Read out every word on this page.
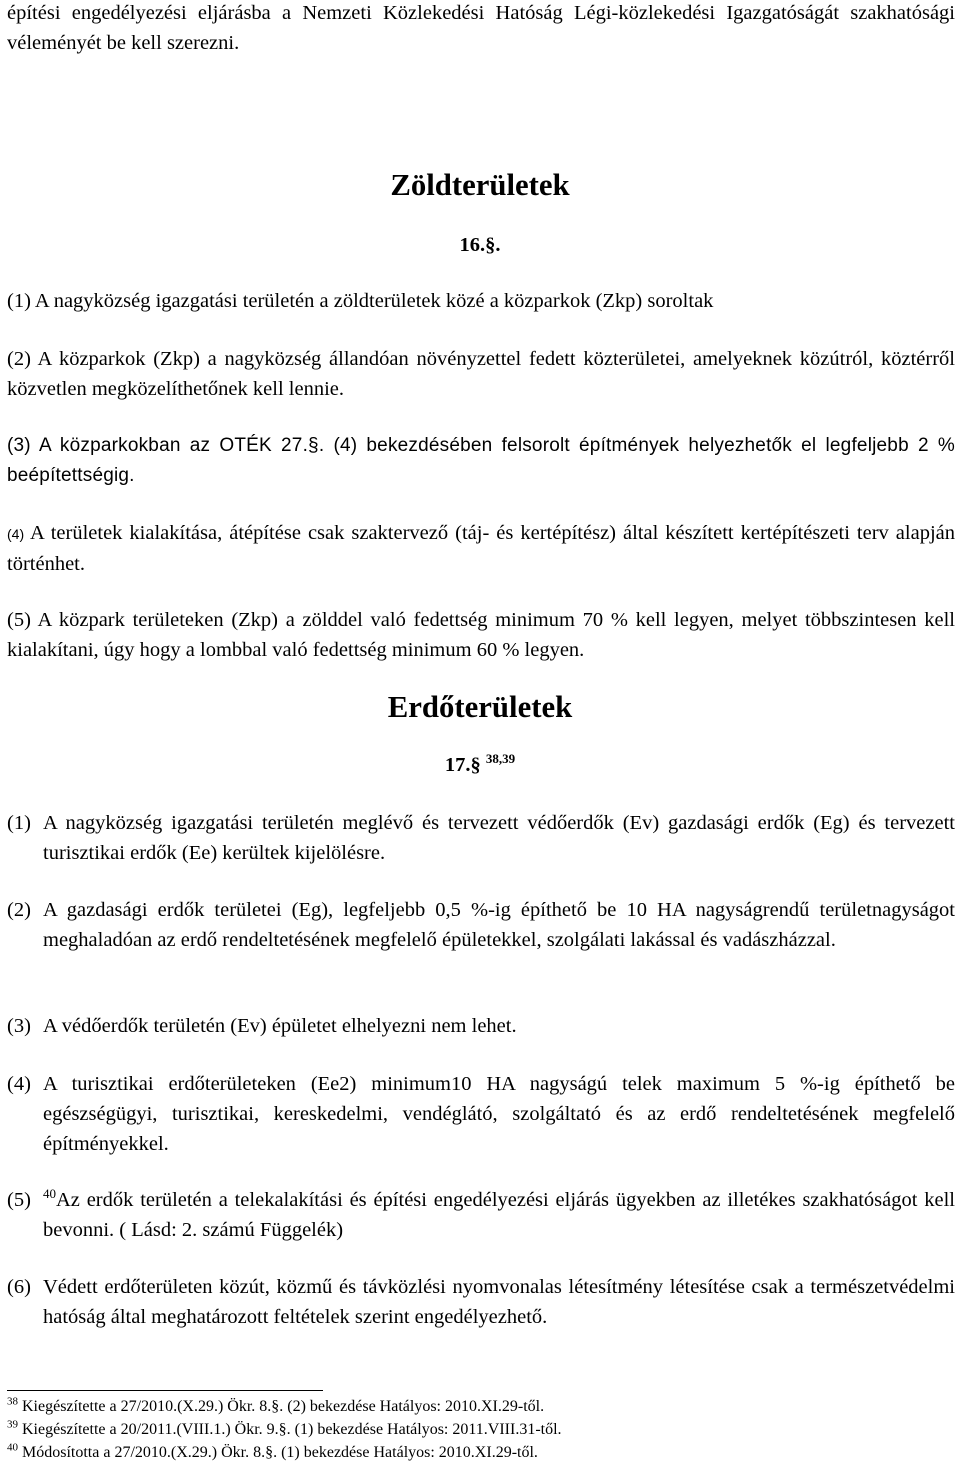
építési engedélyezési eljárásba a Nemzeti Közlekedési Hatóság Légi-közlekedési Igazgatóságát szakhatósági véleményét be kell szerezni.

Zöldterületek
16.§.

(1) A nagyközség igazgatási területén a zöldterületek közé a közparkok (Zkp) soroltak

(2) A közparkok (Zkp) a nagyközség állandóan növényzettel fedett közterületei, amelyeknek közútról, köztérről közvetlen megközelíthetőnek kell lennie.

(3) A közparkokban az OTÉK 27.§. (4) bekezdésében felsorolt építmények helyezhetők el legfeljebb 2 % beépítettségig.

(4) A területek kialakítása, átépítése csak szaktervező (táj- és kertépítész) által készített kertépítészeti terv alapján történhet.

(5) A közpark területeken (Zkp) a zölddel való fedettség minimum 70 % kell legyen, melyet többszintesen kell kialakítani, úgy hogy a lombbal való fedettség minimum 60 % legyen.

Erdőterületek
17.§ $^{38,39}$
(1) A nagyközség igazgatási területén meglévő és tervezett védőerdők (Ev) gazdasági erdők (Eg) és tervezett turisztikai erdők (Ee) kerültek kijelölésre.
(2) A gazdasági erdők területei (Eg), legfeljebb 0,5 %-ig építhető be 10 HA nagyságrendű területnagyságot meghaladóan az erdő rendeltetésének megfelelő épületekkel, szolgálati lakással és vadászházzal.
(3) A védőerdők területén (Ev) épületet elhelyezni nem lehet.
(4) A turisztikai erdőterületeken (Ee2) minimum10 HA nagyságú telek maximum 5 %-ig építhető be egészségügyi, turisztikai, kereskedelmi, vendéglátó, szolgáltató és az erdő rendeltetésének megfelelő építményekkel.
(5) $^{40}$Az erdők területén a telekalakítási és építési engedélyezési eljárás ügyekben az illetékes szakhatóságot kell bevonni. ( Lásd: 2. számú Függelék)
(6) Védett erdőterületen közút, közmű és távközlési nyomvonalas létesítmény létesítése csak a természetvédelmi hatóság által meghatározott feltételek szerint engedélyezhető.
$^{38}$ Kiegészítette a 27/2010.(X.29.) Ökr. 8.§. (2) bekezdése Hatályos: 2010.XI.29-től.
$^{39}$ Kiegészítette a 20/2011.(VIII.1.) Ökr. 9.§. (1) bekezdése Hatályos: 2011.VIII.31-től.
$^{40}$ Módosította a 27/2010.(X.29.) Ökr. 8.§. (1) bekezdése Hatályos: 2010.XI.29-től.
